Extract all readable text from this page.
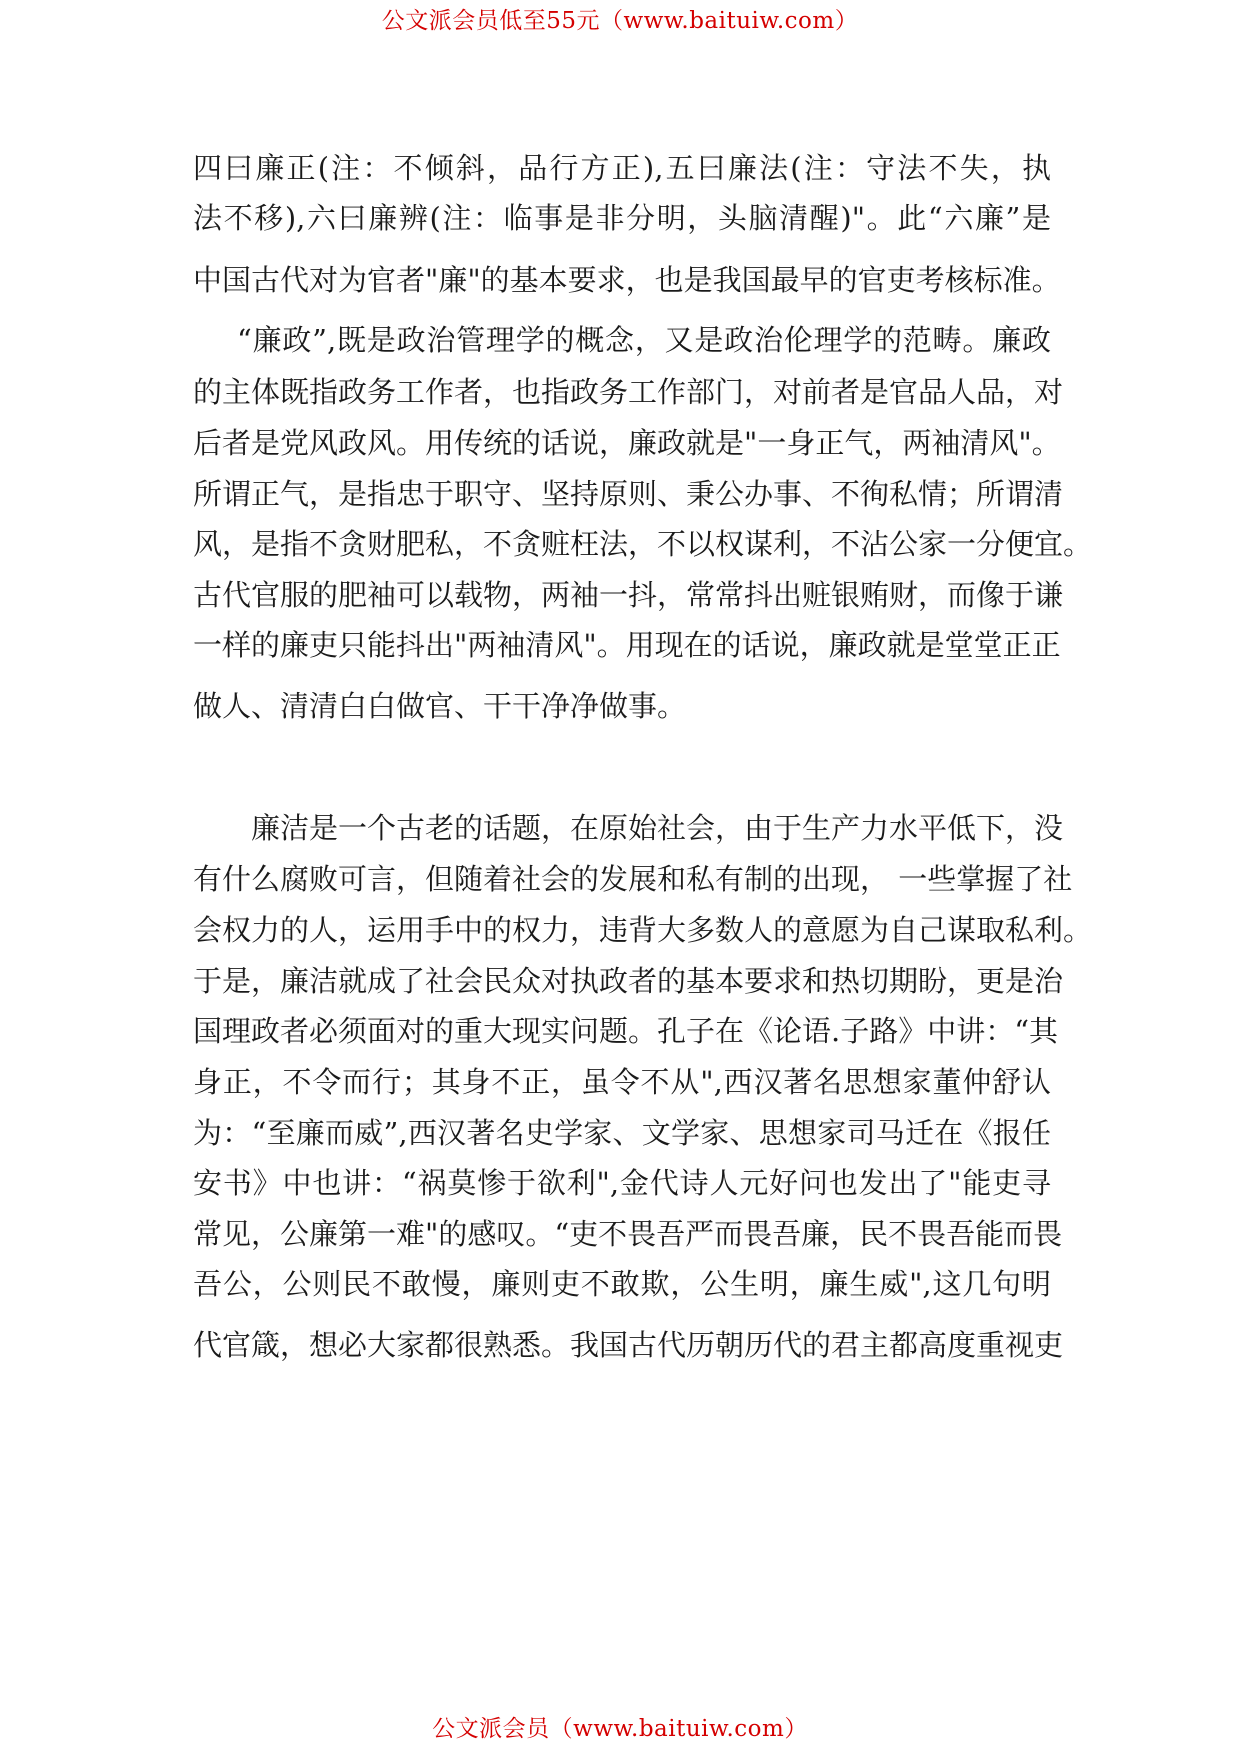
公文派会员低至55元（www.baituiw.com）
四曰廉正(注：不倾斜，品行方正),五曰廉法(注：守法不失，执
法不移),六曰廉辨(注：临事是非分明，头脑清醒)"。此“六廉”是
中国古代对为官者"廉"的基本要求，也是我国最早的官吏考核标准。
“廉政”,既是政治管理学的概念，又是政治伦理学的范畴。廉政
的主体既指政务工作者，也指政务工作部门，对前者是官品人品，对
后者是党风政风。用传统的话说，廉政就是"一身正气，两袖清风"。
所谓正气，是指忠于职守、坚持原则、秉公办事、不徇私情；所谓清
风，是指不贪财肥私，不贪赃枉法，不以权谋利，不沾公家一分便宜。
古代官服的肥袖可以载物，两袖一抖，常常抖出赃银贿财，而像于谦
一样的廉吏只能抖出"两袖清风"。用现在的话说，廉政就是堂堂正正
做人、清清白白做官、干干净净做事。
廉洁是一个古老的话题，在原始社会，由于生产力水平低下，没
有什么腐败可言，但随着社会的发展和私有制的出现， 一些掌握了社
会权力的人，运用手中的权力，违背大多数人的意愿为自己谋取私利。
于是，廉洁就成了社会民众对执政者的基本要求和热切期盼，更是治
国理政者必须面对的重大现实问题。孔子在《论语.子路》中讲：“其
身正，不令而行；其身不正，虽令不从",西汉著名思想家董仲舒认
为：“至廉而威”,西汉著名史学家、文学家、思想家司马迁在《报任
安书》中也讲：“祸莫惨于欲利",金代诗人元好问也发出了"能吏寻
常见，公廉第一难"的感叹。“吏不畏吾严而畏吾廉，民不畏吾能而畏
吾公，公则民不敢慢，廉则吏不敢欺，公生明，廉生威",这几句明
代官箴，想必大家都很熟悉。我国古代历朝历代的君主都高度重视吏
公文派会员（www.baituiw.com）
